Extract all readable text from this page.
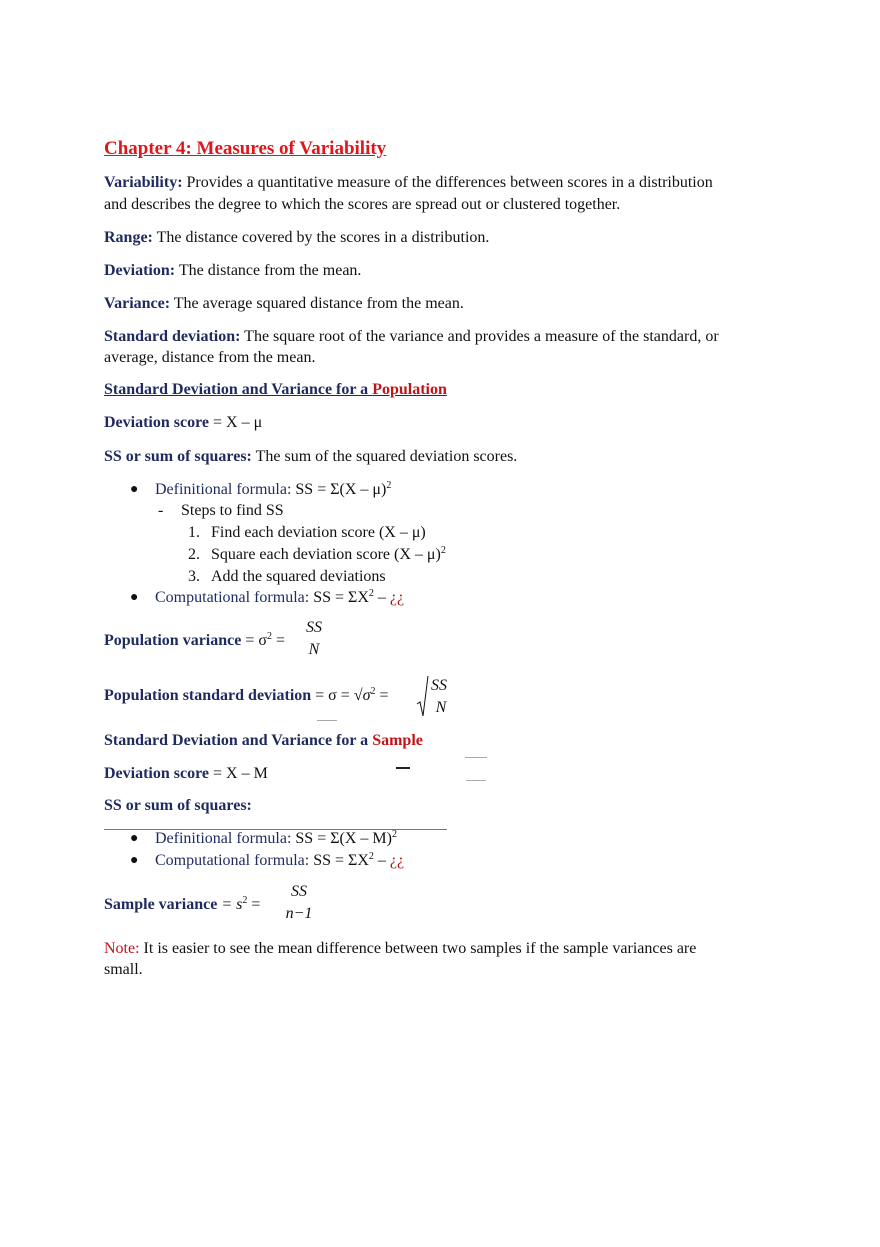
Chapter 4: Measures of Variability
Variability: Provides a quantitative measure of the differences between scores in a distribution
and describes the degree to which the scores are spread out or clustered together.
Range: The distance covered by the scores in a distribution.
Deviation: The distance from the mean.
Variance: The average squared distance from the mean.
Standard deviation: The square root of the variance and provides a measure of the standard, or
average, distance from the mean.
Standard Deviation and Variance for a Population
Deviation score = X – μ
SS or sum of squares: The sum of the squared deviation scores.
● Definitional formula: SS = Σ(X – μ)$^2$
- Steps to find SS
1. Find each deviation score (X – μ)
2. Square each deviation score (X – μ)$^2$
3. Add the squared deviations
● Computational formula: SS = $\Sigma X^2$ – ¿¿
Population variance = $\sigma^2$ =
SS
N
Population standard deviation = $\sigma = √\sigma^2$ =
SS
N
Standard Deviation and Variance for a Sample
Deviation score = X – M
SS or sum of squares:
● Definitional formula: SS = Σ(X – M)$^2$
● Computational formula: SS = $\Sigma X^2$ – ¿¿
Sample variance = $s^2$ =
SS
n−1
Note: It is easier to see the mean difference between two samples if the sample variances are
small.
